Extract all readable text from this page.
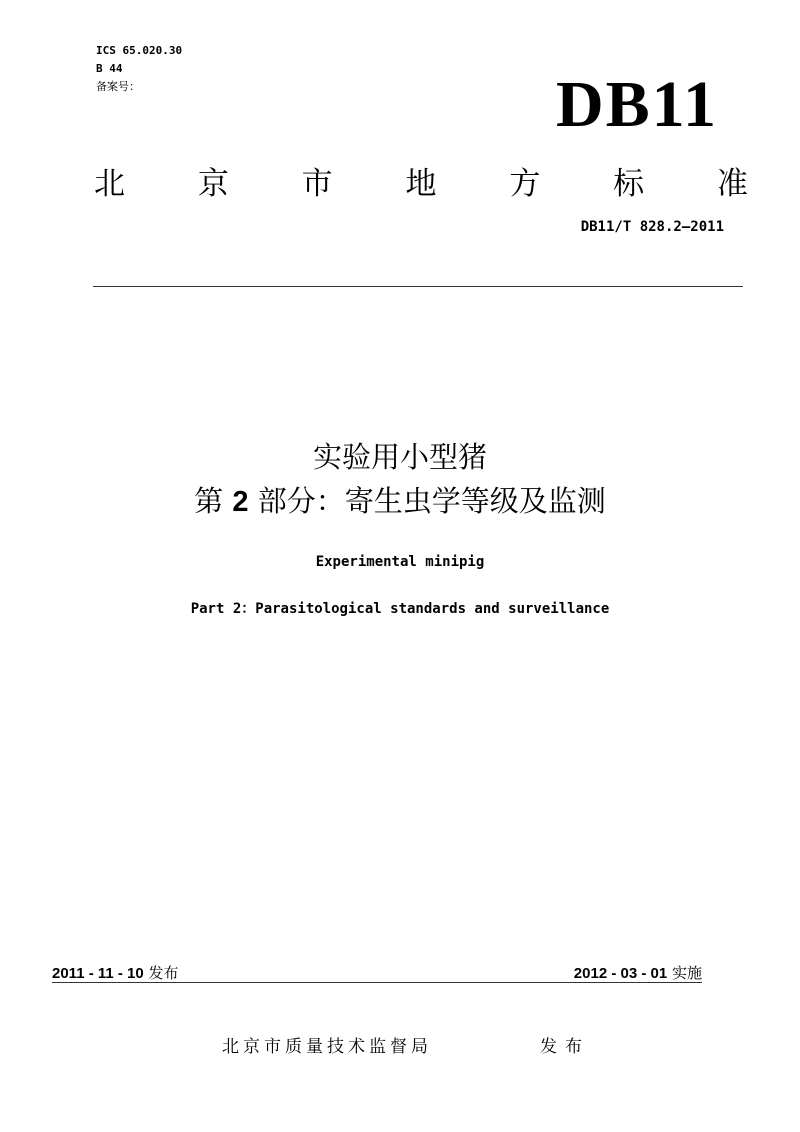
ICS 65.020.30
B 44
备案号：	DB11
北 京 市 地 方 标 准
DB11/T 828.2—2011
实验用小型猪
第 2 部分：寄生虫学等级及监测
Experimental minipig
Part 2：Parasitological standards and surveillance
2011 - 11 - 10 发布	2012 - 03 - 01 实施
北京市质量技术监督局	发布
